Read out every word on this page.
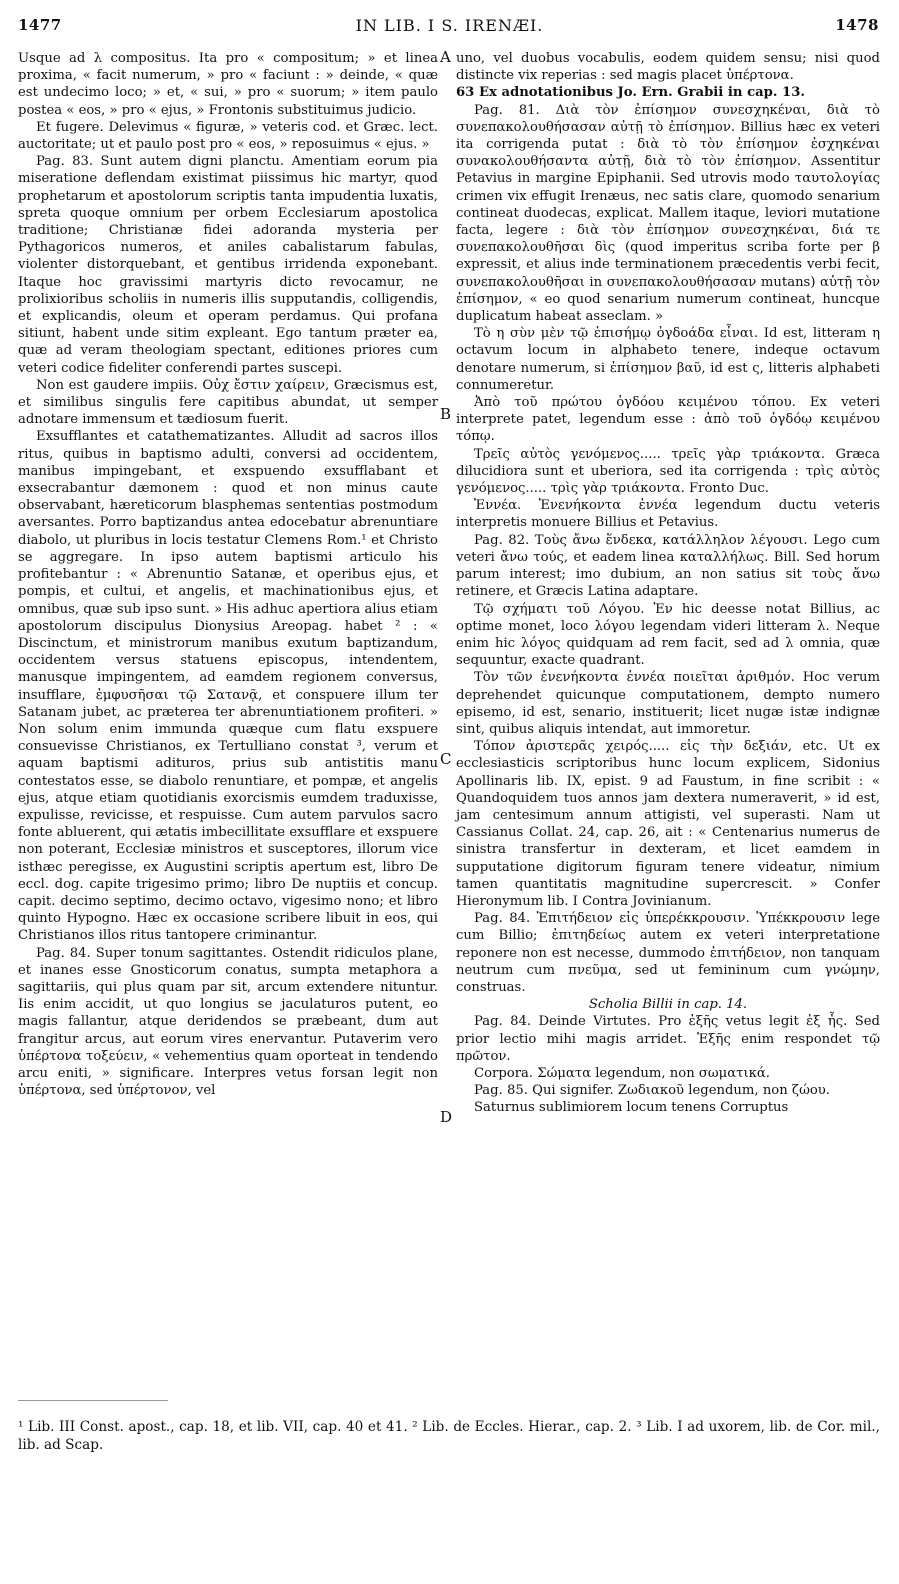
1477	IN LIB. I S. IRENÆI.	1478
A
B
C
D

Usque ad λ compositus. Ita pro « compositum; » et linea proxima, « facit numerum, » pro « faciunt : » deinde, « quæ est undecimo loco; » et, « sui, » pro « suorum; » item paulo postea « eos, » pro « ejus, » Frontonis substituimus judicio.

Et fugere. Delevimus « figuræ, » veteris cod. et Græc. lect. auctoritate; ut et paulo post pro « eos, » reposuimus « ejus. »

Pag. 83. Sunt autem digni planctu. Amentiam eorum pia miseratione deflendam existimat piissimus hic martyr, quod prophetarum et apostolorum scriptis tanta impudentia luxatis, spreta quoque omnium per orbem Ecclesiarum apostolica traditione; Christianæ fidei adoranda mysteria per Pythagoricos numeros, et aniles cabalistarum fabulas, violenter distorquebant, et gentibus irridenda exponebant. Itaque hoc gravissimi martyris dicto revocamur, ne prolixioribus scholiis in numeris illis supputandis, colligendis, et explicandis, oleum et operam perdamus. Qui profana sitiunt, habent unde sitim expleant. Ego tantum præter ea, quæ ad veram theologiam spectant, editiones priores cum veteri codice fideliter conferendi partes suscepi.

Non est gaudere impiis. Οὐχ ἔστιν χαίρειν, Græcismus est, et similibus singulis fere capitibus abundat, ut semper adnotare immensum et tædiosum fuerit.

Exsufflantes et catathematizantes. Alludit ad sacros illos ritus, quibus in baptismo adulti, conversi ad occidentem, manibus impingebant, et exspuendo exsufflabant et exsecrabantur dæmonem : quod et non minus caute observabant, hæreticorum blasphemas sententias postmodum aversantes. Porro baptizandus antea edocebatur abrenuntiare diabolo, ut pluribus in locis testatur Clemens Rom.¹ et Christo se aggregare. In ipso autem baptismi articulo his profitebantur : « Abrenuntio Satanæ, et operibus ejus, et pompis, et cultui, et angelis, et machinationibus ejus, et omnibus, quæ sub ipso sunt. » His adhuc apertiora alius etiam apostolorum discipulus Dionysius Areopag. habet ² : « Discinctum, et ministrorum manibus exutum baptizandum, occidentem versus statuens episcopus, intendentem, manusque impingentem, ad eamdem regionem conversus, insufflare, ἐμφυσῆσαι τῷ Σατανᾷ, et conspuere illum ter Satanam jubet, ac præterea ter abrenuntiationem profiteri. » Non solum enim immunda quæque cum flatu exspuere consuevisse Christianos, ex Tertulliano constat ³, verum et aquam baptismi adituros, prius sub antistitis manu contestatos esse, se diabolo renuntiare, et pompæ, et angelis ejus, atque etiam quotidianis exorcismis eumdem traduxisse, expulisse, revicisse, et respuisse. Cum autem parvulos sacro fonte abluerent, qui ætatis imbecillitate exsufflare et exspuere non poterant, Ecclesiæ ministros et susceptores, illorum vice isthæc peregisse, ex Augustini scriptis apertum est, libro De eccl. dog. capite trigesimo primo; libro De nuptiis et concup. capit. decimo septimo, decimo octavo, vigesimo nono; et libro quinto Hypogno. Hæc ex occasione scribere libuit in eos, qui Christianos illos ritus tantopere criminantur.

Pag. 84. Super tonum sagittantes. Ostendit ridiculos plane, et inanes esse Gnosticorum conatus, sumpta metaphora a sagittariis, qui plus quam par sit, arcum extendere nituntur. Iis enim accidit, ut quo longius se jaculaturos putent, eo magis fallantur, atque deridendos se præbeant, dum aut frangitur arcus, aut eorum vires enervantur. Putaverim vero ὑπέρτονα τοξεύειν, « vehementius quam oporteat in tendendo arcu eniti, » significare. Interpres vetus forsan legit non ὑπέρτονα, sed ὑπέρτονον, vel

uno, vel duobus vocabulis, eodem quidem sensu; nisi quod distincte vix reperias : sed magis placet ὑπέρτονα.

63 Ex adnotationibus Jo. Ern. Grabii in cap. 13.

Pag. 81. Διὰ τὸν ἐπίσημον συνεσχηκέναι, διὰ τὸ συνεπακολουθήσασαν αὐτῇ τὸ ἐπίσημον. Billius hæc ex veteri ita corrigenda putat : διὰ τὸ τὸν ἐπίσημον ἐσχηκέναι συνακολουθήσαντα αὐτῇ, διὰ τὸ τὸν ἐπίσημον. Assentitur Petavius in margine Epiphanii. Sed utrovis modo ταυτολογίας crimen vix effugit Irenæus, nec satis clare, quomodo senarium contineat duodecas, explicat. Mallem itaque, leviori mutatione facta, legere : διὰ τὸν ἐπίσημον συνεσχηκέναι, διά τε συνεπακολουθῆσαι δὶς (quod imperitus scriba forte per β expressit, et alius inde terminationem præcedentis verbi fecit, συνεπακολουθῆσαι in συνεπακολουθήσασαν mutans) αὐτῇ τὸν ἐπίσημον, « eo quod senarium numerum contineat, huncque duplicatum habeat asseclam. »

Τὸ η σὺν μὲν τῷ ἐπισήμῳ ὀγδοάδα εἶναι. Id est, litteram η octavum locum in alphabeto tenere, indeque octavum denotare numerum, si ἐπίσημον βαῦ, id est ς, litteris alphabeti connumeretur.

Ἀπὸ τοῦ πρώτου ὀγδόου κειμένου τόπου. Ex veteri interprete patet, legendum esse : ἀπὸ τοῦ ὀγδόῳ κειμένου τόπῳ.

Τρεῖς αὐτὸς γενόμενος..... τρεῖς γὰρ τριάκοντα. Græca dilucidiora sunt et uberiora, sed ita corrigenda : τρὶς αὐτὸς γενόμενος..... τρὶς γὰρ τριάκοντα. Fronto Duc.

Ἐννέα. Ἐνενήκοντα ἐννέα legendum ductu veteris interpretis monuere Billius et Petavius.

Pag. 82. Τοὺς ἄνω ἕνδεκα, κατάλληλον λέγουσι. Lego cum veteri ἄνω τούς, et eadem linea καταλλήλως. Bill. Sed horum parum interest; imo dubium, an non satius sit τοὺς ἄνω retinere, et Græcis Latina adaptare.

Τῷ σχήματι τοῦ Λόγου. Ἐν hic deesse notat Billius, ac optime monet, loco λόγου legendam videri litteram λ. Neque enim hic λόγος quidquam ad rem facit, sed ad λ omnia, quæ sequuntur, exacte quadrant.

Τὸν τῶν ἐνενήκοντα ἐννέα ποιεῖται ἀριθμόν. Hoc verum deprehendet quicunque computationem, dempto numero episemo, id est, senario, instituerit; licet nugæ istæ indignæ sint, quibus aliquis intendat, aut immoretur.

Τόπον ἀριστερᾶς χειρός..... εἰς τὴν δεξιάν, etc. Ut ex ecclesiasticis scriptoribus hunc locum explicem, Sidonius Apollinaris lib. IX, epist. 9 ad Faustum, in fine scribit : « Quandoquidem tuos annos jam dextera numeraverit, » id est, jam centesimum annum attigisti, vel superasti. Nam ut Cassianus Collat. 24, cap. 26, ait : « Centenarius numerus de sinistra transfertur in dexteram, et licet eamdem in supputatione digitorum figuram tenere videatur, nimium tamen quantitatis magnitudine supercrescit. » Confer Hieronymum lib. I Contra Jovinianum.

Pag. 84. Ἐπιτήδειον εἰς ὑπερέκκρουσιν. Ὑπέκκρουσιν lege cum Billio; ἐπιτηδείως autem ex veteri interpretatione reponere non est necesse, dummodo ἐπιτήδειον, non tanquam neutrum cum πνεῦμα, sed ut femininum cum γνώμην, construas.

Scholia Billii in cap. 14.

Pag. 84. Deinde Virtutes. Pro ἐξῆς vetus legit ἐξ ἧς. Sed prior lectio mihi magis arridet. Ἐξῆς enim respondet τῷ πρῶτον.

Corpora. Σώματα legendum, non σωματικά.

Pag. 85. Qui signifer. Ζωδιακοῦ legendum, non ζώου.

Saturnus sublimiorem locum tenens Corruptus

¹ Lib. III Const. apost., cap. 18, et lib. VII, cap. 40 et 41. ² Lib. de Eccles. Hierar., cap. 2. ³ Lib. I ad uxorem, lib. de Cor. mil., lib. ad Scap.
